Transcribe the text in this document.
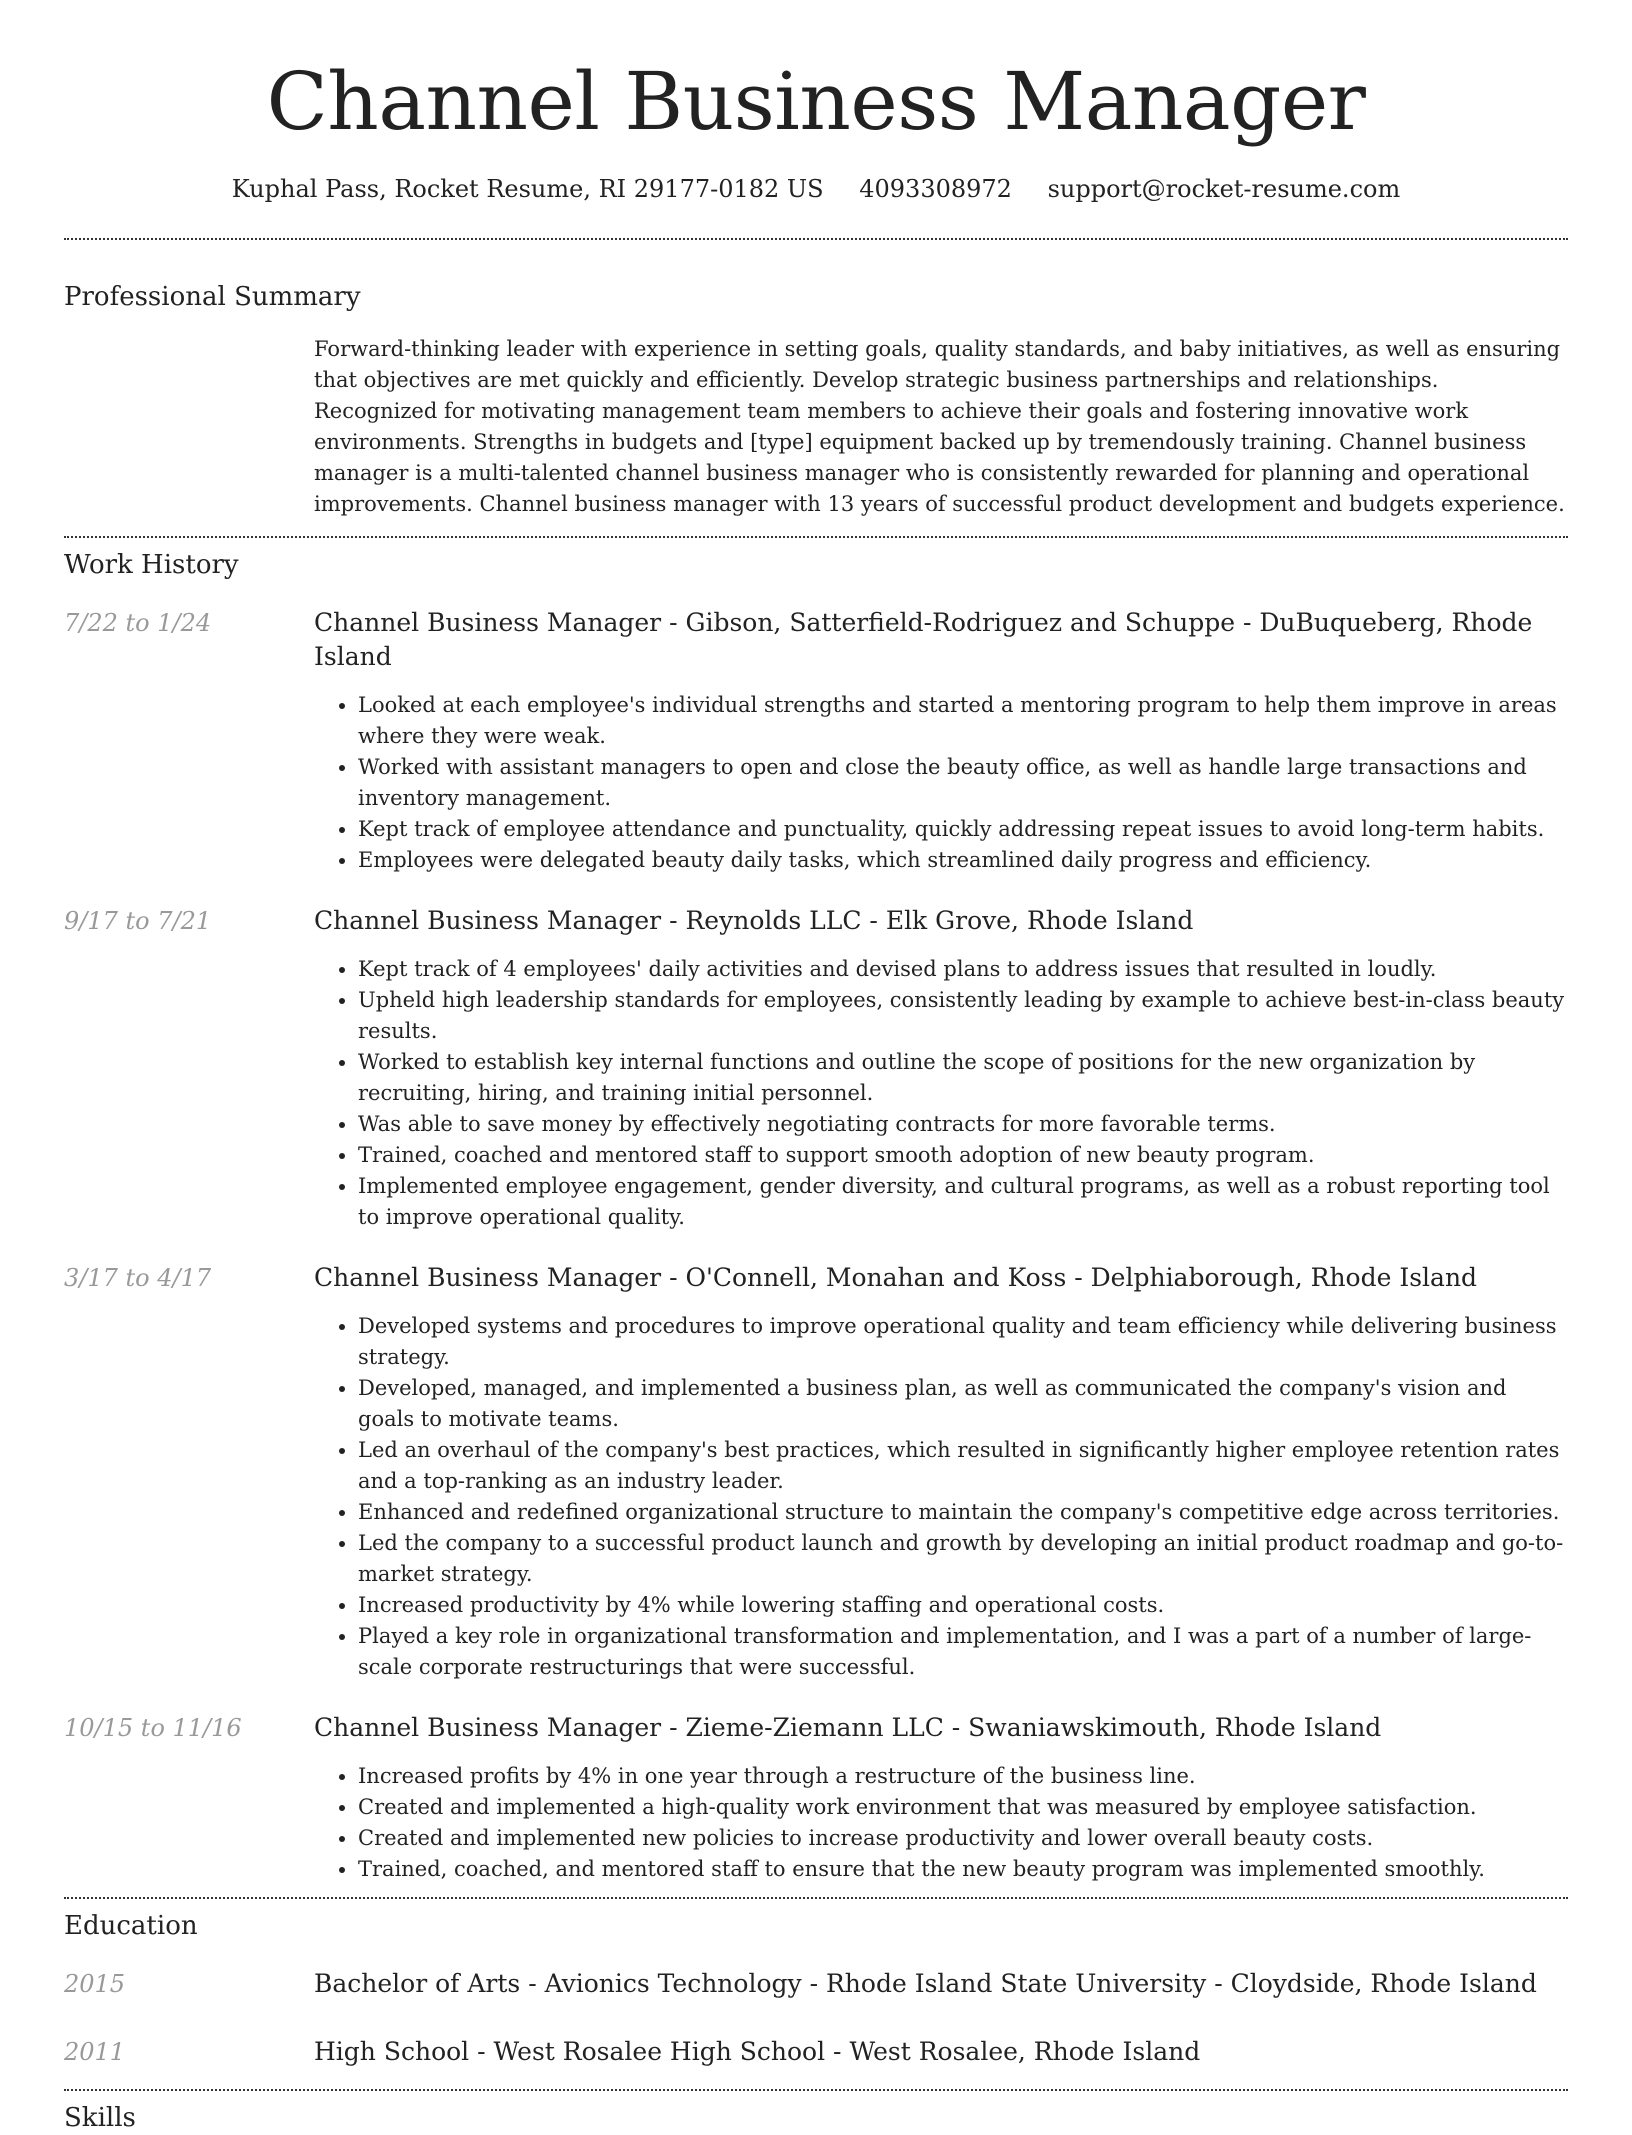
Channel Business Manager
Kuphal Pass, Rocket Resume, RI 29177-0182 US 4093308972 support@rocket-resume.com
Professional Summary

Forward-thinking leader with experience in setting goals, quality standards, and baby initiatives, as well as ensuring that objectives are met quickly and efficiently. Develop strategic business partnerships and relationships. Recognized for motivating management team members to achieve their goals and fostering innovative work environments. Strengths in budgets and [type] equipment backed up by tremendously training. Channel business manager is a multi-talented channel business manager who is consistently rewarded for planning and operational improvements. Channel business manager with 13 years of successful product development and budgets experience.

Work History
7/22 to 1/24	Channel Business Manager - Gibson, Satterfield-Rodriguez and Schuppe - DuBuqueberg, Rhode Island
• Looked at each employee's individual strengths and started a mentoring program to help them improve in areas where they were weak.
• Worked with assistant managers to open and close the beauty office, as well as handle large transactions and inventory management.
• Kept track of employee attendance and punctuality, quickly addressing repeat issues to avoid long-term habits.
• Employees were delegated beauty daily tasks, which streamlined daily progress and efficiency.
9/17 to 7/21	Channel Business Manager - Reynolds LLC - Elk Grove, Rhode Island
• Kept track of 4 employees' daily activities and devised plans to address issues that resulted in loudly.
• Upheld high leadership standards for employees, consistently leading by example to achieve best-in-class beauty results.
• Worked to establish key internal functions and outline the scope of positions for the new organization by recruiting, hiring, and training initial personnel.
• Was able to save money by effectively negotiating contracts for more favorable terms.
• Trained, coached and mentored staff to support smooth adoption of new beauty program.
• Implemented employee engagement, gender diversity, and cultural programs, as well as a robust reporting tool to improve operational quality.
3/17 to 4/17	Channel Business Manager - O'Connell, Monahan and Koss - Delphiaborough, Rhode Island
• Developed systems and procedures to improve operational quality and team efficiency while delivering business strategy.
• Developed, managed, and implemented a business plan, as well as communicated the company's vision and goals to motivate teams.
• Led an overhaul of the company's best practices, which resulted in significantly higher employee retention rates and a top-ranking as an industry leader.
• Enhanced and redefined organizational structure to maintain the company's competitive edge across territories.
• Led the company to a successful product launch and growth by developing an initial product roadmap and go-to-market strategy.
• Increased productivity by 4% while lowering staffing and operational costs.
• Played a key role in organizational transformation and implementation, and I was a part of a number of large-scale corporate restructurings that were successful.
10/15 to 11/16	Channel Business Manager - Zieme-Ziemann LLC - Swaniawskimouth, Rhode Island
• Increased profits by 4% in one year through a restructure of the business line.
• Created and implemented a high-quality work environment that was measured by employee satisfaction.
• Created and implemented new policies to increase productivity and lower overall beauty costs.
• Trained, coached, and mentored staff to ensure that the new beauty program was implemented smoothly.
Education
2015	Bachelor of Arts - Avionics Technology - Rhode Island State University - Cloydside, Rhode Island
2011	High School - West Rosalee High School - West Rosalee, Rhode Island
Skills
